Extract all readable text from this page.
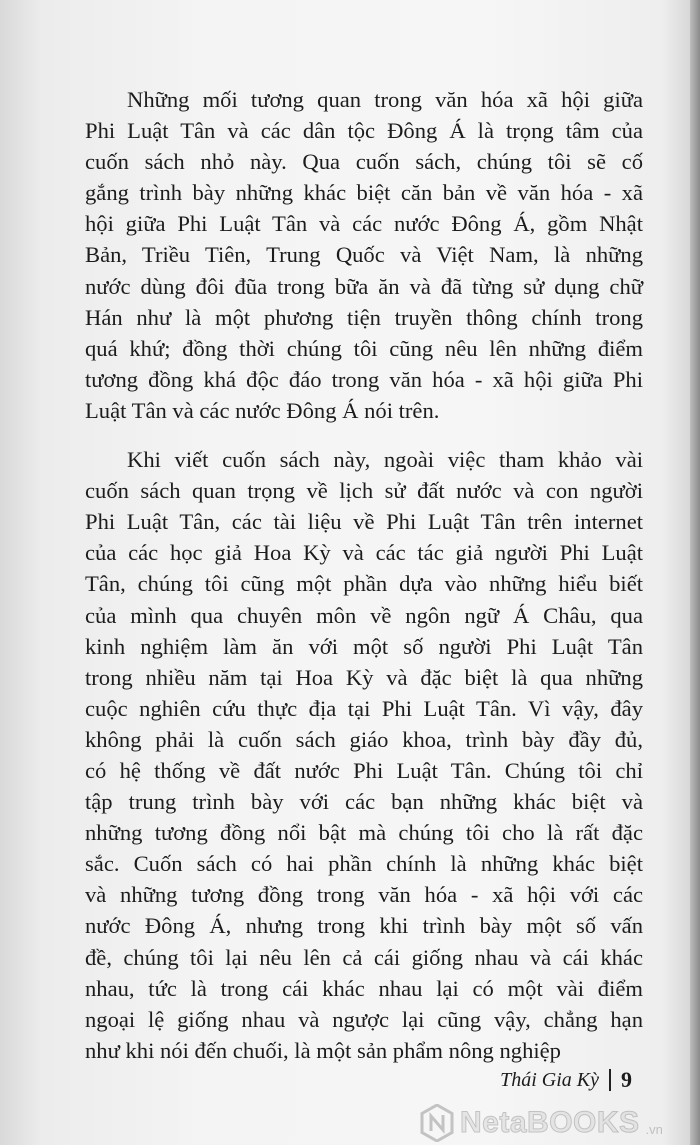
Những mối tương quan trong văn hóa xã hội giữa
Phi Luật Tân và các dân tộc Đông Á là trọng tâm của
cuốn sách nhỏ này. Qua cuốn sách, chúng tôi sẽ cố
gắng trình bày những khác biệt căn bản về văn hóa - xã
hội giữa Phi Luật Tân và các nước Đông Á, gồm Nhật
Bản, Triều Tiên, Trung Quốc và Việt Nam, là những
nước dùng đôi đũa trong bữa ăn và đã từng sử dụng chữ
Hán như là một phương tiện truyền thông chính trong
quá khứ; đồng thời chúng tôi cũng nêu lên những điểm
tương đồng khá độc đáo trong văn hóa - xã hội giữa Phi
Luật Tân và các nước Đông Á nói trên.
Khi viết cuốn sách này, ngoài việc tham khảo vài
cuốn sách quan trọng về lịch sử đất nước và con người
Phi Luật Tân, các tài liệu về Phi Luật Tân trên internet
của các học giả Hoa Kỳ và các tác giả người Phi Luật
Tân, chúng tôi cũng một phần dựa vào những hiểu biết
của mình qua chuyên môn về ngôn ngữ Á Châu, qua
kinh nghiệm làm ăn với một số người Phi Luật Tân
trong nhiều năm tại Hoa Kỳ và đặc biệt là qua những
cuộc nghiên cứu thực địa tại Phi Luật Tân. Vì vậy, đây
không phải là cuốn sách giáo khoa, trình bày đầy đủ,
có hệ thống về đất nước Phi Luật Tân. Chúng tôi chỉ
tập trung trình bày với các bạn những khác biệt và
những tương đồng nổi bật mà chúng tôi cho là rất đặc
sắc. Cuốn sách có hai phần chính là những khác biệt
và những tương đồng trong văn hóa - xã hội với các
nước Đông Á, nhưng trong khi trình bày một số vấn
đề, chúng tôi lại nêu lên cả cái giống nhau và cái khác
nhau, tức là trong cái khác nhau lại có một vài điểm
ngoại lệ giống nhau và ngược lại cũng vậy, chẳng hạn
như khi nói đến chuối, là một sản phẩm nông nghiệp
Thái Gia Kỳ 9
NetaBOOKS .vn
